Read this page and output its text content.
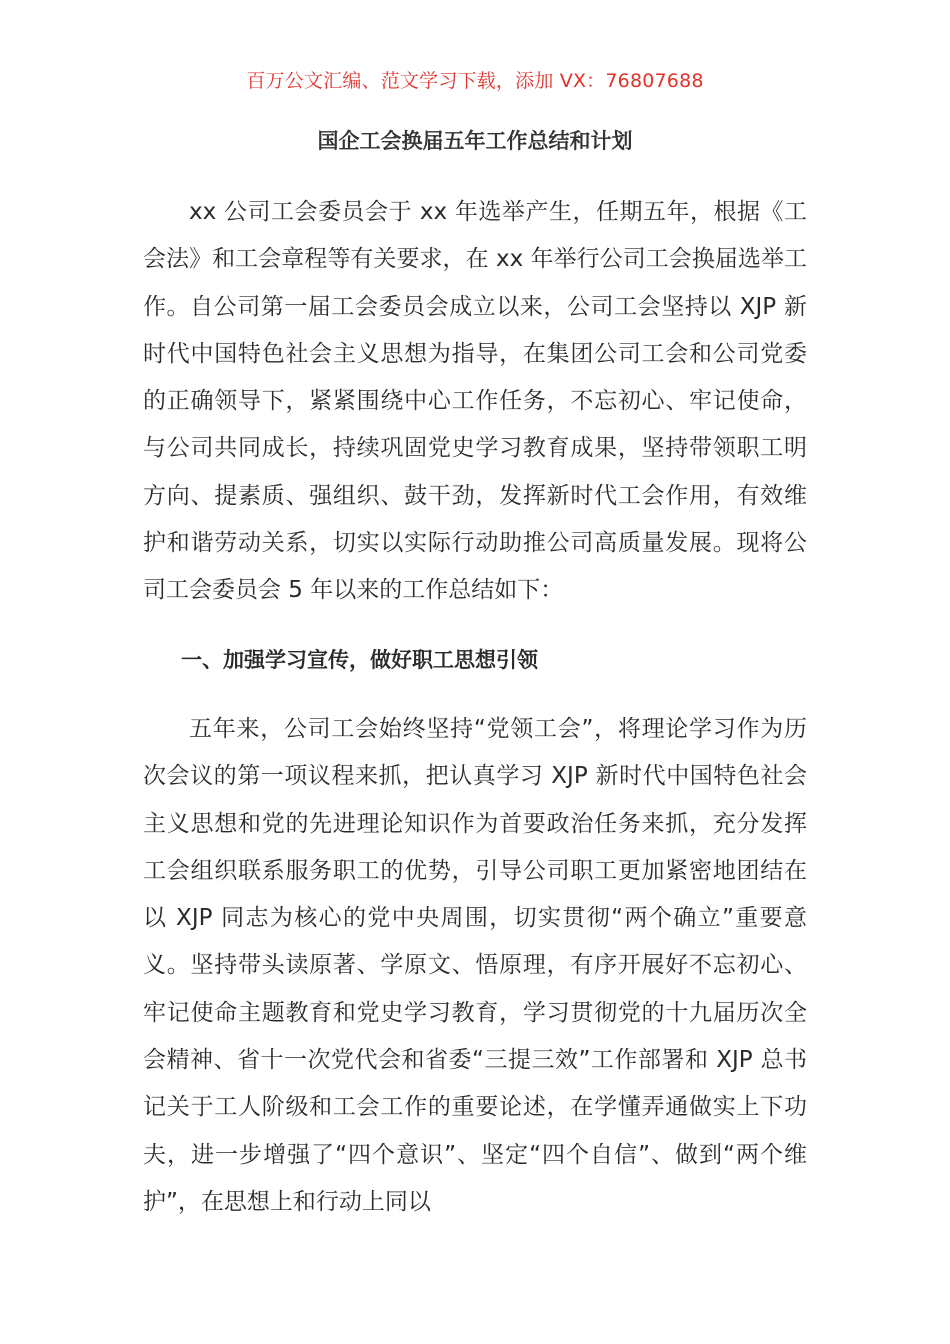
百万公文汇编、范文学习下载，添加 VX：76807688
国企工会换届五年工作总结和计划

xx 公司工会委员会于 xx 年选举产生，任期五年，根据《工会法》和工会章程等有关要求，在 xx 年举行公司工会换届选举工作。自公司第一届工会委员会成立以来，公司工会坚持以 XJP 新时代中国特色社会主义思想为指导，在集团公司工会和公司党委的正确领导下，紧紧围绕中心工作任务，不忘初心、牢记使命，与公司共同成长，持续巩固党史学习教育成果，坚持带领职工明方向、提素质、强组织、鼓干劲，发挥新时代工会作用，有效维护和谐劳动关系，切实以实际行动助推公司高质量发展。现将公司工会委员会 5 年以来的工作总结如下：

一、加强学习宣传，做好职工思想引领

五年来，公司工会始终坚持“党领工会”，将理论学习作为历次会议的第一项议程来抓，把认真学习 XJP 新时代中国特色社会主义思想和党的先进理论知识作为首要政治任务来抓，充分发挥工会组织联系服务职工的优势，引导公司职工更加紧密地团结在以 XJP 同志为核心的党中央周围，切实贯彻“两个确立”重要意义。坚持带头读原著、学原文、悟原理，有序开展好不忘初心、牢记使命主题教育和党史学习教育，学习贯彻党的十九届历次全会精神、省十一次党代会和省委“三提三效”工作部署和 XJP 总书记关于工人阶级和工会工作的重要论述，在学懂弄通做实上下功夫，进一步增强了“四个意识”、坚定“四个自信”、做到“两个维护”，在思想上和行动上同以
